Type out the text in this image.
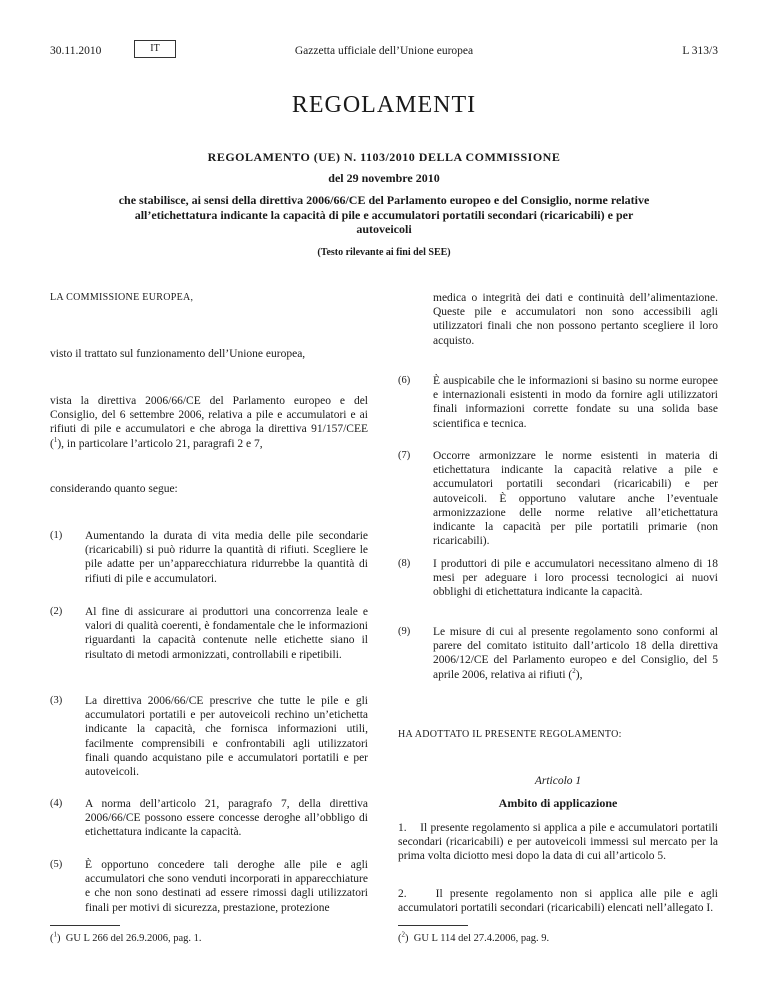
30.11.2010	IT	Gazzetta ufficiale dell’Unione europea	L 313/3
REGOLAMENTI
REGOLAMENTO (UE) N. 1103/2010 DELLA COMMISSIONE
del 29 novembre 2010
che stabilisce, ai sensi della direttiva 2006/66/CE del Parlamento europeo e del Consiglio, norme relative all’etichettatura indicante la capacità di pile e accumulatori portatili secondari (ricaricabili) e per autoveicoli
(Testo rilevante ai fini del SEE)
LA COMMISSIONE EUROPEA,
visto il trattato sul funzionamento dell’Unione europea,
vista la direttiva 2006/66/CE del Parlamento europeo e del Consiglio, del 6 settembre 2006, relativa a pile e accumulatori e ai rifiuti di pile e accumulatori e che abroga la direttiva 91/157/CEE ($^1$), in particolare l’articolo 21, paragrafi 2 e 7,
considerando quanto segue:
(1) Aumentando la durata di vita media delle pile secondarie (ricaricabili) si può ridurre la quantità di rifiuti. Scegliere le pile adatte per un’apparecchiatura ridurrebbe la quantità di rifiuti di pile e accumulatori.
(2) Al fine di assicurare ai produttori una concorrenza leale e valori di qualità coerenti, è fondamentale che le informazioni riguardanti la capacità contenute nelle etichette siano il risultato di metodi armonizzati, controllabili e ripetibili.
(3) La direttiva 2006/66/CE prescrive che tutte le pile e gli accumulatori portatili e per autoveicoli rechino un’etichetta indicante la capacità, che fornisca informazioni utili, facilmente comprensibili e confrontabili agli utilizzatori finali quando acquistano pile e accumulatori portatili e per autoveicoli.
(4) A norma dell’articolo 21, paragrafo 7, della direttiva 2006/66/CE possono essere concesse deroghe all’obbligo di etichettatura indicante la capacità.
(5) È opportuno concedere tali deroghe alle pile e agli accumulatori che sono venduti incorporati in apparecchiature e che non sono destinati ad essere rimossi dagli utilizzatori finali per motivi di sicurezza, prestazione, protezione
($^1$)  GU L 266 del 26.9.2006, pag. 1.
medica o integrità dei dati e continuità dell’alimentazione. Queste pile e accumulatori non sono accessibili agli utilizzatori finali che non possono pertanto scegliere il loro acquisto.
(6) È auspicabile che le informazioni si basino su norme europee e internazionali esistenti in modo da fornire agli utilizzatori finali informazioni corrette fondate su una solida base scientifica e tecnica.
(7) Occorre armonizzare le norme esistenti in materia di etichettatura indicante la capacità relative a pile e accumulatori portatili secondari (ricaricabili) e per autoveicoli. È opportuno valutare anche l’eventuale armonizzazione delle norme relative all’etichettatura indicante la capacità per pile portatili primarie (non ricaricabili).
(8) I produttori di pile e accumulatori necessitano almeno di 18 mesi per adeguare i loro processi tecnologici ai nuovi obblighi di etichettatura indicante la capacità.
(9) Le misure di cui al presente regolamento sono conformi al parere del comitato istituito dall’articolo 18 della direttiva 2006/12/CE del Parlamento europeo e del Consiglio, del 5 aprile 2006, relativa ai rifiuti ($^2$),
HA ADOTTATO IL PRESENTE REGOLAMENTO:
Articolo 1
Ambito di applicazione
1. Il presente regolamento si applica a pile e accumulatori portatili secondari (ricaricabili) e per autoveicoli immessi sul mercato per la prima volta diciotto mesi dopo la data di cui all’articolo 5.
2.	Il presente regolamento non si applica alle pile e agli accumulatori portatili secondari (ricaricabili) elencati nell’allegato I.
($^2$)  GU L 114 del 27.4.2006, pag. 9.
